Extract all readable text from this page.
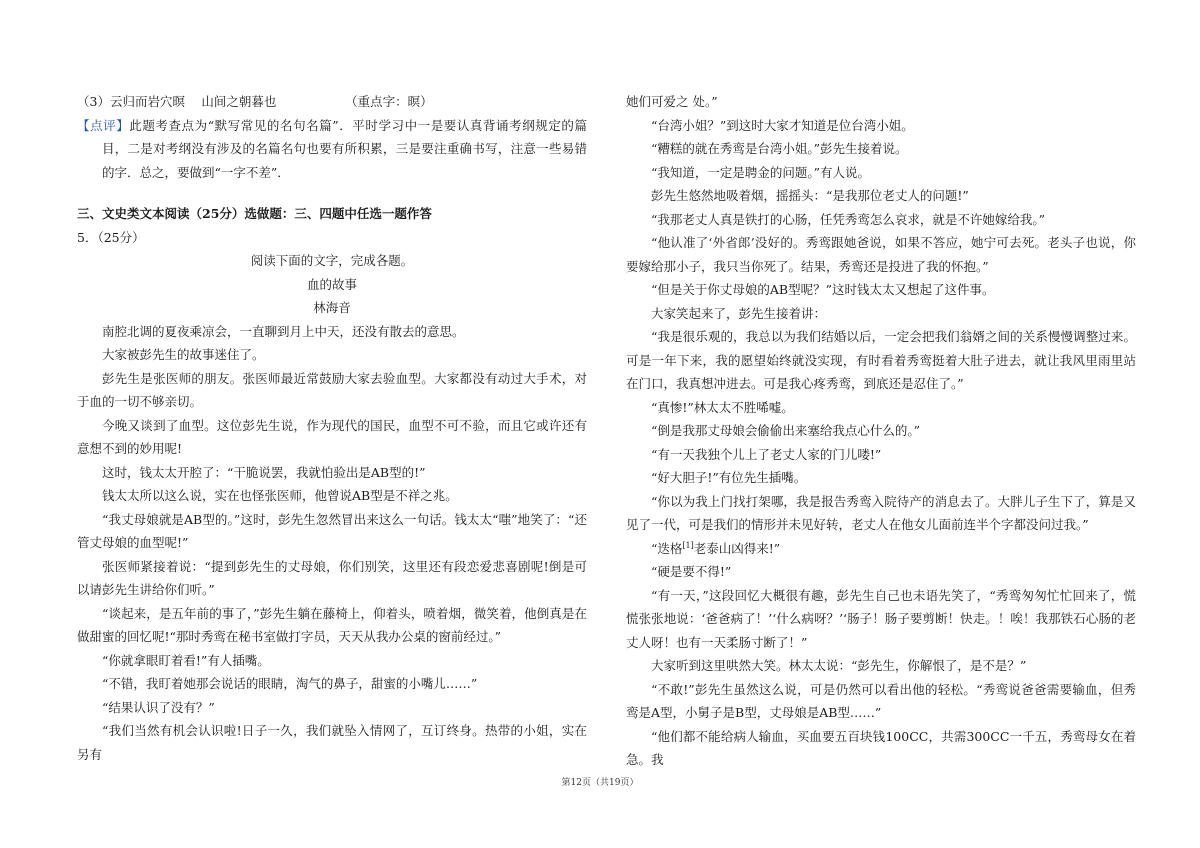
（3）云归而岩穴暝　 山间之朝暮也　　　　　　（重点字：暝）

【点评】此题考查点为“默写常见的名句名篇”．平时学习中一是要认真背诵考纲规定的篇目，二是对考纲没有涉及的名篇名句也要有所积累，三是要注重确书写，注意一些易错的字．总之，要做到“一字不差”．

三、文史类文本阅读（25分）选做题：三、四题中任选一题作答

5．（25分）

阅读下面的文字，完成各题。

血的故事

林海音

南腔北调的夏夜乘凉会，一直聊到月上中天，还没有散去的意思。

大家被彭先生的故事迷住了。

彭先生是张医师的朋友。张医师最近常鼓励大家去验血型。大家都没有动过大手术，对于血的一切不够亲切。

今晚又谈到了血型。这位彭先生说，作为现代的国民，血型不可不验，而且它或许还有意想不到的妙用呢!

这时，钱太太开腔了：“干脆说罢，我就怕验出是AB型的!”

钱太太所以这么说，实在也怪张医师，他曾说AB型是不祥之兆。

“我丈母娘就是AB型的。”这时，彭先生忽然冒出来这么一句话。钱太太“嗤”地笑了：“还管丈母娘的血型呢!”

张医师紧接着说：“提到彭先生的丈母娘，你们别笑，这里还有段恋爱悲喜剧呢!倒是可以请彭先生讲给你们听。”

“谈起来，是五年前的事了，”彭先生躺在藤椅上，仰着头，喷着烟，微笑着，他倒真是在做甜蜜的回忆呢!“那时秀鸾在秘书室做打字员，天天从我办公桌的窗前经过。”

“你就拿眼盯着看!”有人插嘴。

“不错，我盯着她那会说话的眼睛，淘气的鼻子，甜蜜的小嘴儿……”

“结果认识了没有？”

“我们当然有机会认识啦!日子一久，我们就坠入情网了，互订终身。热带的小姐，实在另有

她们可爱之 处。”

“台湾小姐？”到这时大家才知道是位台湾小姐。

“糟糕的就在秀鸾是台湾小姐。”彭先生接着说。

“我知道，一定是聘金的问题。”有人说。

彭先生悠然地吸着烟，摇摇头：“是我那位老丈人的问题!”

“我那老丈人真是铁打的心肠，任凭秀鸾怎么哀求，就是不许她嫁给我。”

“他认准了‘外省郎’没好的。秀鸾跟她爸说，如果不答应，她宁可去死。老头子也说，你要嫁给那小子，我只当你死了。结果，秀鸾还是投进了我的怀抱。”

“但是关于你丈母娘的AB型呢？”这时钱太太又想起了这件事。

大家笑起来了，彭先生接着讲：

“我是很乐观的，我总以为我们结婚以后，一定会把我们翁婿之间的关系慢慢调整过来。可是一年下来，我的愿望始终就没实现，有时看着秀鸾挺着大肚子进去，就让我风里雨里站在门口，我真想冲进去。可是我心疼秀鸾，到底还是忍住了。”

“真惨!”林太太不胜唏嘘。

“倒是我那丈母娘会偷偷出来塞给我点心什么的。”

“有一天我独个儿上了老丈人家的门儿喽!”

“好大胆子!”有位先生插嘴。

“你以为我上门找打架哪，我是报告秀鸾入院待产的消息去了。大胖儿子生下了，算是又见了一代，可是我们的情形并未见好转，老丈人在他女儿面前连半个字都没问过我。”

“迭格[1]老泰山凶得来!”

“硬是要不得!”

“有一天，”这段回忆大概很有趣，彭先生自己也未语先笑了，“秀鸾匆匆忙忙回来了，慌慌张张地说：‘爸爸病了！’‘什么病呀？’‘肠子！肠子要剪断！快走。！唉！我那铁石心肠的老丈人呀！也有一天柔肠寸断了！”

大家听到这里哄然大笑。林太太说：“彭先生，你解恨了，是不是？”

“不敢!”彭先生虽然这么说，可是仍然可以看出他的轻松。“秀鸾说爸爸需要输血，但秀鸾是A型，小舅子是B型，丈母娘是AB型……”

“他们都不能给病人输血，买血要五百块钱100CC，共需300CC一千五，秀鸾母女在着急。我

第12页（共19页）
